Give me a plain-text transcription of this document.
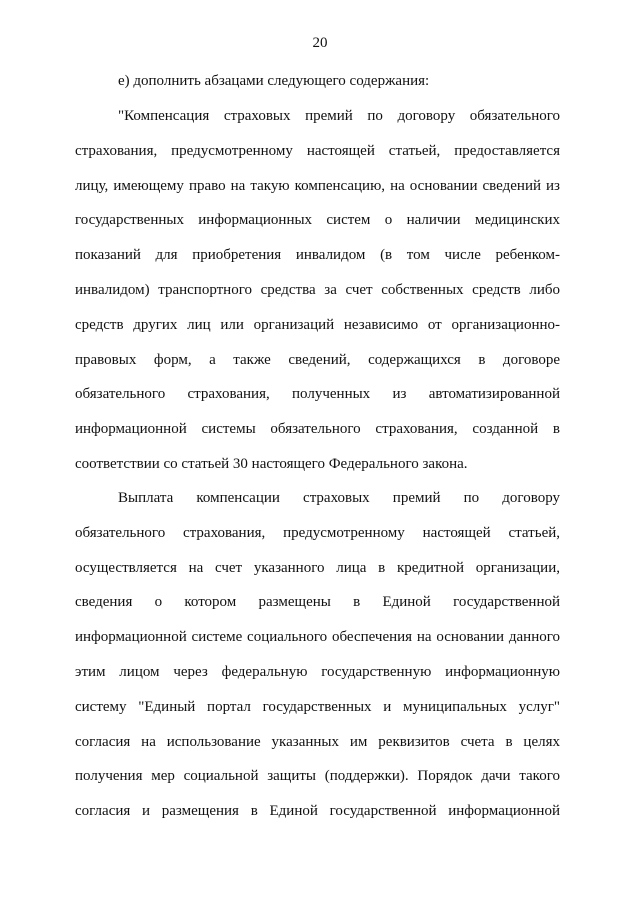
20
е) дополнить абзацами следующего содержания:
"Компенсация страховых премий по договору обязательного
страхования, предусмотренному настоящей статьей, предоставляется
лицу, имеющему право на такую компенсацию, на основании сведений из
государственных информационных систем о наличии медицинских
показаний для приобретения инвалидом (в том числе ребенком-
инвалидом) транспортного средства за счет собственных средств либо
средств других лиц или организаций независимо от организационно-
правовых форм, а также сведений, содержащихся в договоре
обязательного страхования, полученных из автоматизированной
информационной системы обязательного страхования, созданной в
соответствии со статьей 30 настоящего Федерального закона.
Выплата компенсации страховых премий по договору
обязательного страхования, предусмотренному настоящей статьей,
осуществляется на счет указанного лица в кредитной организации,
сведения о котором размещены в Единой государственной
информационной системе социального обеспечения на основании данного
этим лицом через федеральную государственную информационную
систему "Единый портал государственных и муниципальных услуг"
согласия на использование указанных им реквизитов счета в целях
получения мер социальной защиты (поддержки). Порядок дачи такого
согласия и размещения в Единой государственной информационной
